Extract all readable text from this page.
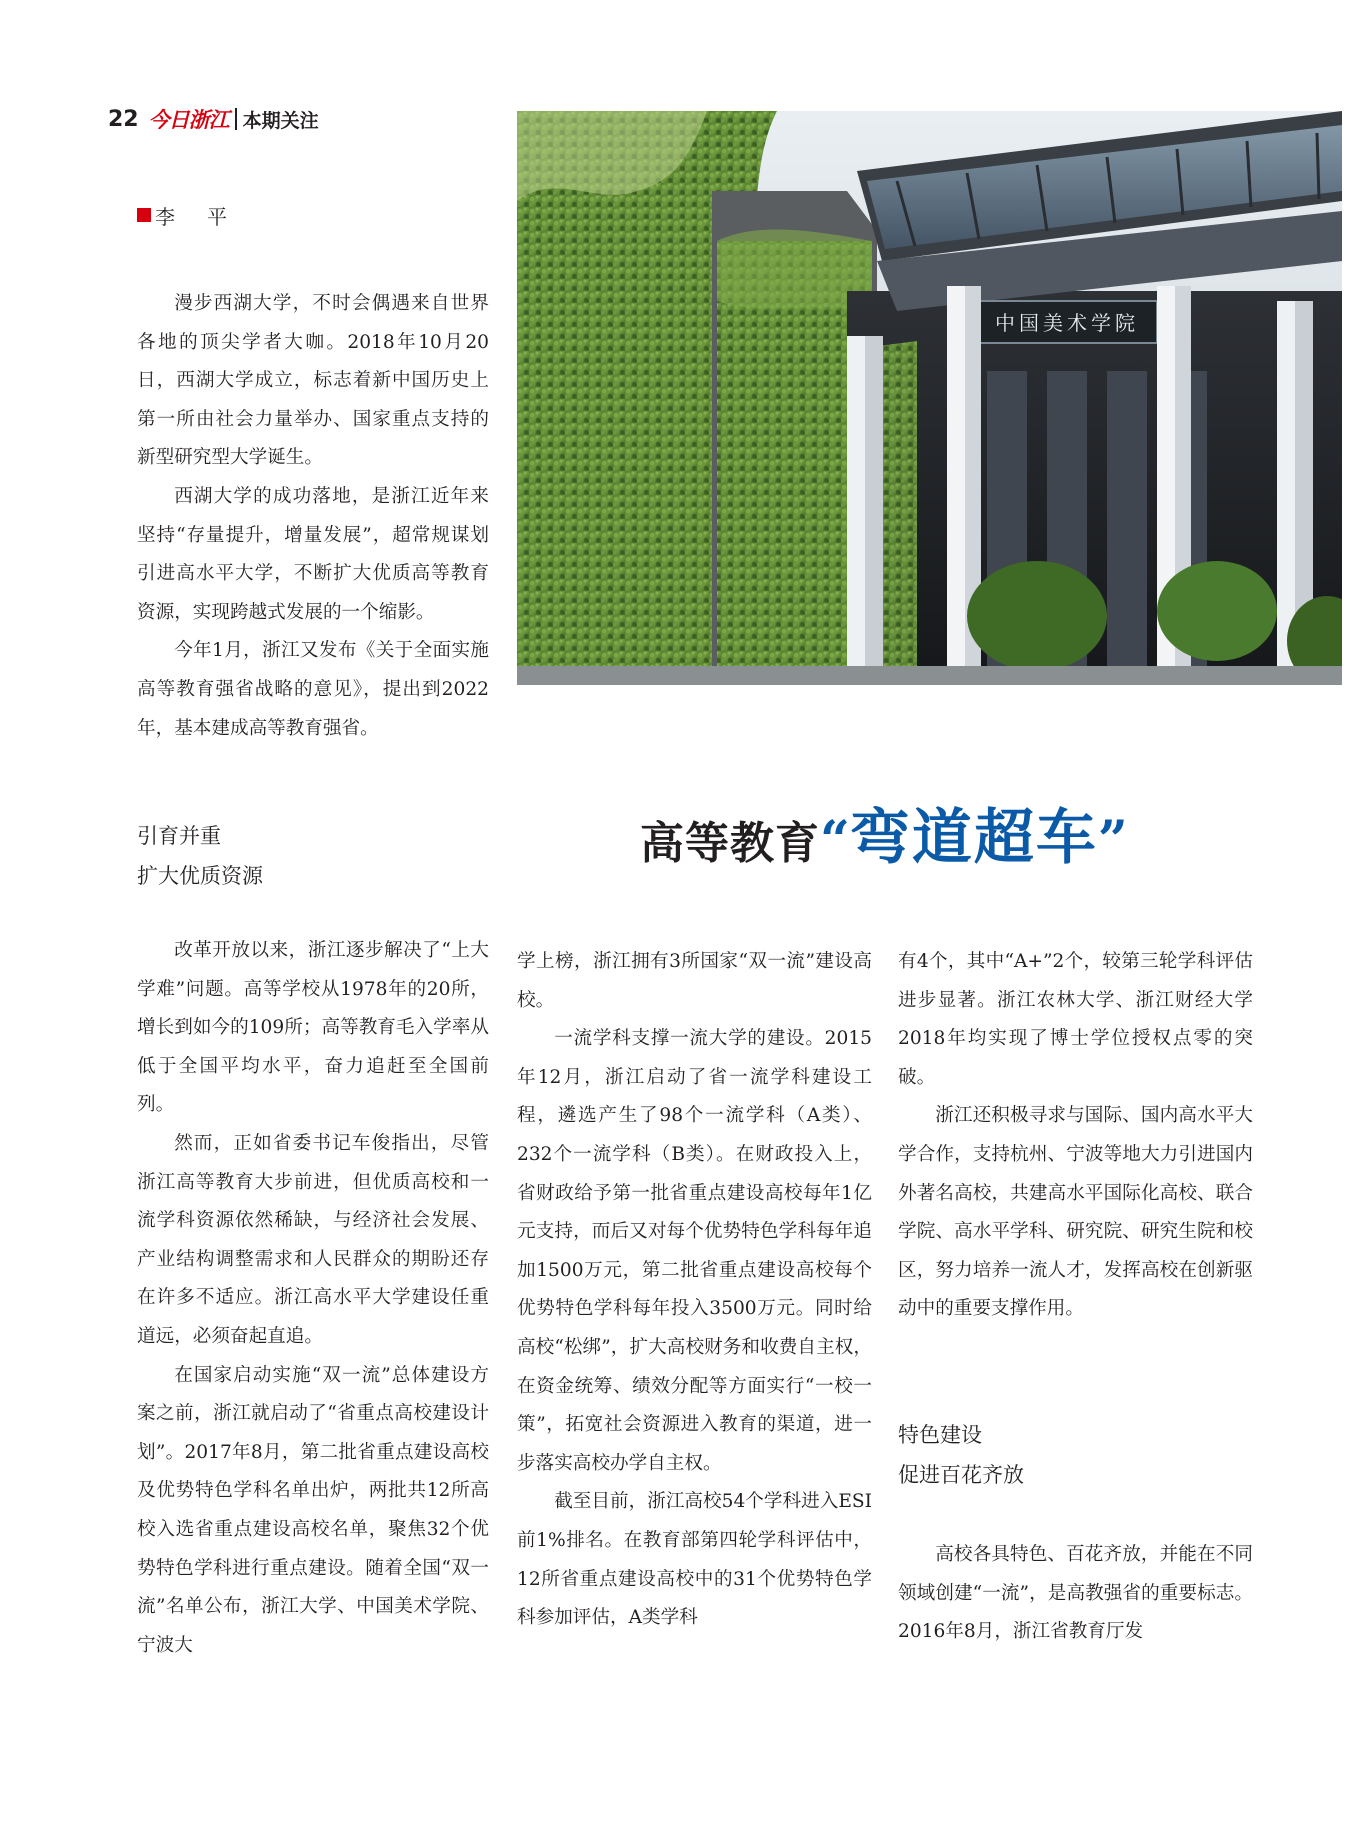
22 今日浙江 本期关注
李　平
中国美术学院

漫步西湖大学，不时会偶遇来自世界各地的顶尖学者大咖。2018年10月20日，西湖大学成立，标志着新中国历史上第一所由社会力量举办、国家重点支持的新型研究型大学诞生。

西湖大学的成功落地，是浙江近年来坚持“存量提升，增量发展”，超常规谋划引进高水平大学，不断扩大优质高等教育资源，实现跨越式发展的一个缩影。

今年1月，浙江又发布《关于全面实施高等教育强省战略的意见》，提出到2022年，基本建成高等教育强省。

高等教育 “ 弯道超车 ”
引育并重
扩大优质资源

改革开放以来，浙江逐步解决了“上大学难”问题。高等学校从1978年的20所，增长到如今的109所；高等教育毛入学率从低于全国平均水平，奋力追赶至全国前列。

然而，正如省委书记车俊指出，尽管浙江高等教育大步前进，但优质高校和一流学科资源依然稀缺，与经济社会发展、产业结构调整需求和人民群众的期盼还存在许多不适应。浙江高水平大学建设任重道远，必须奋起直追。

在国家启动实施“双一流”总体建设方案之前，浙江就启动了“省重点高校建设计划”。2017年8月，第二批省重点建设高校及优势特色学科名单出炉，两批共12所高校入选省重点建设高校名单，聚焦32个优势特色学科进行重点建设。随着全国“双一流”名单公布，浙江大学、中国美术学院、宁波大

学上榜，浙江拥有3所国家“双一流”建设高校。

一流学科支撑一流大学的建设。2015年12月，浙江启动了省一流学科建设工程，遴选产生了98个一流学科（A类）、232个一流学科（B类）。在财政投入上，省财政给予第一批省重点建设高校每年1亿元支持，而后又对每个优势特色学科每年追加1500万元，第二批省重点建设高校每个优势特色学科每年投入3500万元。同时给高校“松绑”，扩大高校财务和收费自主权，在资金统筹、绩效分配等方面实行“一校一策”，拓宽社会资源进入教育的渠道，进一步落实高校办学自主权。

截至目前，浙江高校54个学科进入ESI前1%排名。在教育部第四轮学科评估中，12所省重点建设高校中的31个优势特色学科参加评估，A类学科

有4个，其中“A+”2个，较第三轮学科评估进步显著。浙江农林大学、浙江财经大学2018年均实现了博士学位授权点零的突破。

浙江还积极寻求与国际、国内高水平大学合作，支持杭州、宁波等地大力引进国内外著名高校，共建高水平国际化高校、联合学院、高水平学科、研究院、研究生院和校区，努力培养一流人才，发挥高校在创新驱动中的重要支撑作用。

特色建设
促进百花齐放

高校各具特色、百花齐放，并能在不同领域创建“一流”，是高教强省的重要标志。2016年8月，浙江省教育厅发
